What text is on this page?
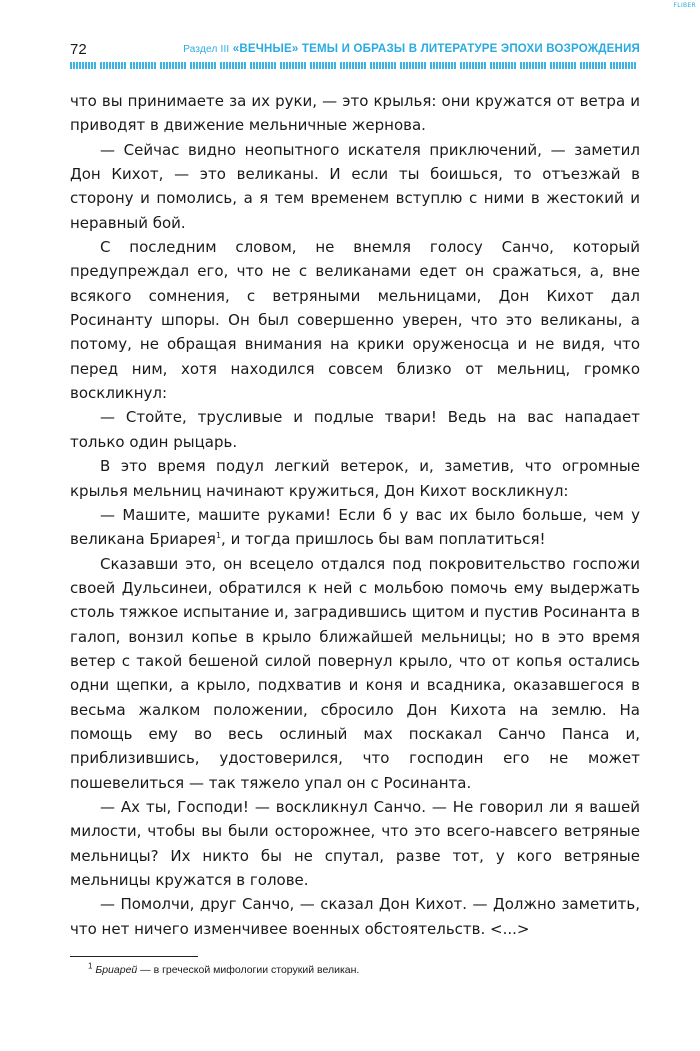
FLIBER
72	Раздел III «ВЕЧНЫЕ» ТЕМЫ И ОБРАЗЫ В ЛИТЕРАТУРЕ ЭПОХИ ВОЗРОЖДЕНИЯ

что вы принимаете за их руки, — это крылья: они кружатся от ветра и приводят в движение мельничные жернова.

— Сейчас видно неопытного искателя приключений, — заметил Дон Кихот, — это великаны. И если ты боишься, то отъезжай в сторону и помолись, а я тем временем вступлю с ними в жестокий и неравный бой.

С последним словом, не внемля голосу Санчо, который предупреждал его, что не с великанами едет он сражаться, а, вне всякого сомнения, с ветряными мельницами, Дон Кихот дал Росинанту шпоры. Он был совершенно уверен, что это великаны, а потому, не обращая внимания на крики оруженосца и не видя, что перед ним, хотя находился совсем близко от мельниц, громко воскликнул:

— Стойте, трусливые и подлые твари! Ведь на вас нападает только один рыцарь.

В это время подул легкий ветерок, и, заметив, что огромные крылья мельниц начинают кружиться, Дон Кихот воскликнул:

— Машите, машите руками! Если б у вас их было больше, чем у великана Бриарея$^1$, и тогда пришлось бы вам поплатиться!

Сказавши это, он всецело отдался под покровительство госпожи своей Дульсинеи, обратился к ней с мольбою помочь ему выдержать столь тяжкое испытание и, заградившись щитом и пустив Росинанта в галоп, вонзил копье в крыло ближайшей мельницы; но в это время ветер с такой бешеной силой повернул крыло, что от копья остались одни щепки, а крыло, подхватив и коня и всадника, оказавшегося в весьма жалком положении, сбросило Дон Кихота на землю. На помощь ему во весь ослиный мах поскакал Санчо Панса и, приблизившись, удостоверился, что господин его не может пошевелиться — так тяжело упал он с Росинанта.

— Ах ты, Господи! — воскликнул Санчо. — Не говорил ли я вашей милости, чтобы вы были осторожнее, что это всего-навсего ветряные мельницы? Их никто бы не спутал, разве тот, у кого ветряные мельницы кружатся в голове.

— Помолчи, друг Санчо, — сказал Дон Кихот. — Должно заметить, что нет ничего изменчивее военных обстоятельств. <...>

$^1$ Бриарей — в греческой мифологии сторукий великан.
